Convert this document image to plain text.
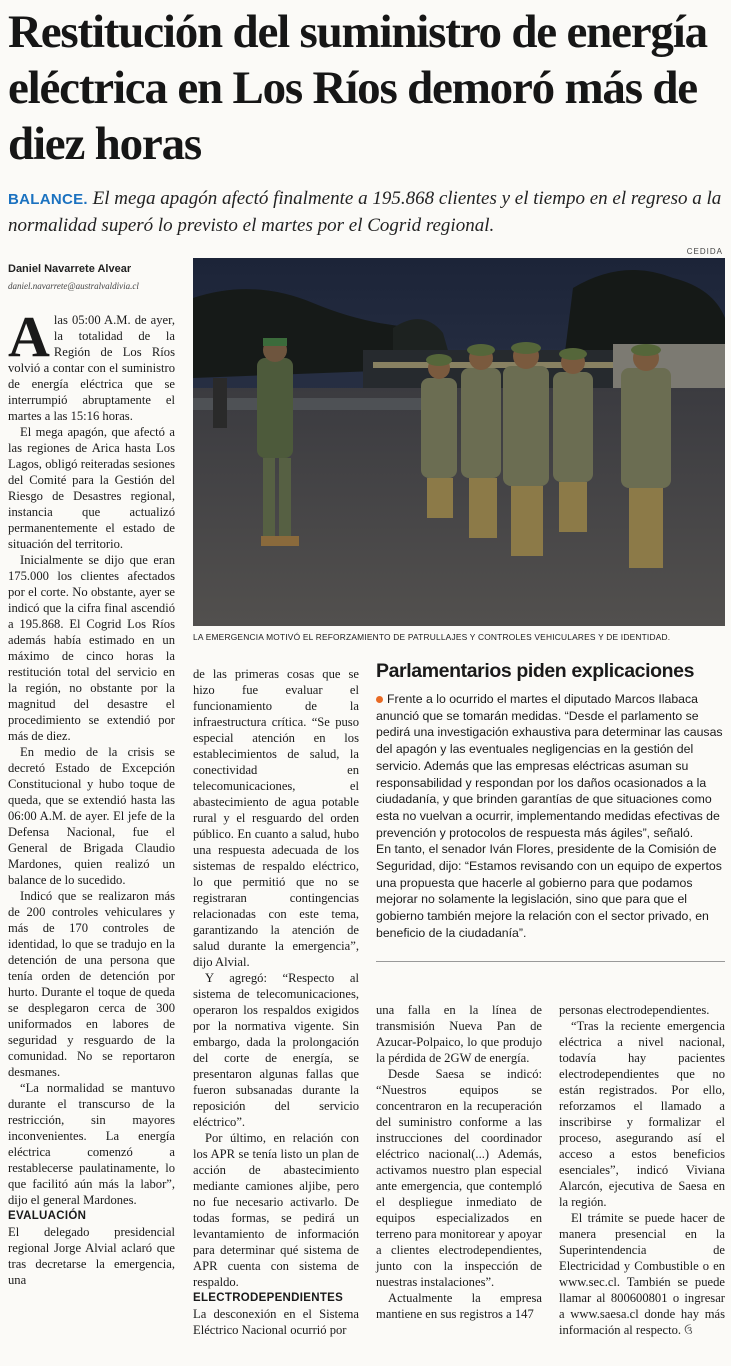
Restitución del suministro de energía eléctrica en Los Ríos demoró más de diez horas

BALANCE. El mega apagón afectó finalmente a 195.868 clientes y el tiempo en el regreso a la normalidad superó lo previsto el martes por el Cogrid regional.

CEDIDA
Daniel Navarrete Alvear
daniel.navarrete@australvaldivia.cl
LA EMERGENCIA MOTIVÓ EL REFORZAMIENTO DE PATRULLAJES Y CONTROLES VEHICULARES Y DE IDENTIDAD.

Alas 05:00 A.M. de ayer, la totalidad de la Región de Los Ríos volvió a contar con el suministro de energía eléctrica que se interrumpió abruptamente el martes a las 15:16 horas.

El mega apagón, que afectó a las regiones de Arica hasta Los Lagos, obligó reiteradas sesiones del Comité para la Gestión del Riesgo de Desastres regional, instancia que actualizó permanentemente el estado de situación del territorio.

Inicialmente se dijo que eran 175.000 los clientes afectados por el corte. No obstante, ayer se indicó que la cifra final ascendió a 195.868. El Cogrid Los Ríos además había estimado en un máximo de cinco horas la restitución total del servicio en la región, no obstante por la magnitud del desastre el procedimiento se extendió por más de diez.

En medio de la crisis se decretó Estado de Excepción Constitucional y hubo toque de queda, que se extendió hasta las 06:00 A.M. de ayer. El jefe de la Defensa Nacional, fue el General de Brigada Claudio Mardones, quien realizó un balance de lo sucedido.

Indicó que se realizaron más de 200 controles vehiculares y más de 170 controles de identidad, lo que se tradujo en la detención de una persona que tenía orden de detención por hurto. Durante el toque de queda se desplegaron cerca de 300 uniformados en labores de seguridad y resguardo de la comunidad. No se reportaron desmanes.

“La normalidad se mantuvo durante el transcurso de la restricción, sin mayores inconvenientes. La energía eléctrica comenzó a restablecerse paulatinamente, lo que facilitó aún más la labor”, dijo el general Mardones.

EVALUACIÓN

El delegado presidencial regional Jorge Alvial aclaró que tras decretarse la emergencia, una

de las primeras cosas que se hizo fue evaluar el funcionamiento de la infraestructura crítica. “Se puso especial atención en los establecimientos de salud, la conectividad en telecomunicaciones, el abastecimiento de agua potable rural y el resguardo del orden público. En cuanto a salud, hubo una respuesta adecuada de los sistemas de respaldo eléctrico, lo que permitió que no se registraran contingencias relacionadas con este tema, garantizando la atención de salud durante la emergencia”, dijo Alvial.

Y agregó: “Respecto al sistema de telecomunicaciones, operaron los respaldos exigidos por la normativa vigente. Sin embargo, dada la prolongación del corte de energía, se presentaron algunas fallas que fueron subsanadas durante la reposición del servicio eléctrico”.

Por último, en relación con los APR se tenía listo un plan de acción de abastecimiento mediante camiones aljibe, pero no fue necesario activarlo. De todas formas, se pedirá un levantamiento de información para determinar qué sistema de APR cuenta con sistema de respaldo.

ELECTRODEPENDIENTES

La desconexión en el Sistema Eléctrico Nacional ocurrió por

Parlamentarios piden explicaciones

Frente a lo ocurrido el martes el diputado Marcos Ilabaca anunció que se tomarán medidas. “Desde el parlamento se pedirá una investigación exhaustiva para determinar las causas del apagón y las eventuales negligencias en la gestión del servicio. Además que las empresas eléctricas asuman su responsabilidad y respondan por los daños ocasionados a la ciudadanía, y que brinden garantías de que situaciones como esta no vuelvan a ocurrir, implementando medidas efectivas de prevención y protocolos de respuesta más ágiles”, señaló.

En tanto, el senador Iván Flores, presidente de la Comisión de Seguridad, dijo: “Estamos revisando con un equipo de expertos una propuesta que hacerle al gobierno para que podamos mejorar no solamente la legislación, sino que para que el gobierno también mejore la relación con el sector privado, en beneficio de la ciudadanía”.

una falla en la línea de transmisión Nueva Pan de Azucar-Polpaico, lo que produjo la pérdida de 2GW de energía.

Desde Saesa se indicó: “Nuestros equipos se concentraron en la recuperación del suministro conforme a las instrucciones del coordinador eléctrico nacional(...) Además, activamos nuestro plan especial ante emergencia, que contempló el despliegue inmediato de equipos especializados en terreno para monitorear y apoyar a clientes electrodependientes, junto con la inspección de nuestras instalaciones”.

Actualmente la empresa mantiene en sus registros a 147

personas electrodependientes.

“Tras la reciente emergencia eléctrica a nivel nacional, todavía hay pacientes electrodependientes que no están registrados. Por ello, reforzamos el llamado a inscribirse y formalizar el proceso, asegurando así el acceso a estos beneficios esenciales”, indicó Viviana Alarcón, ejecutiva de Saesa en la región.

El trámite se puede hacer de manera presencial en la Superintendencia de Electricidad y Combustible o en www.sec.cl. También se puede llamar al 800600801 o ingresar a www.saesa.cl donde hay más información al respecto. ઉ
